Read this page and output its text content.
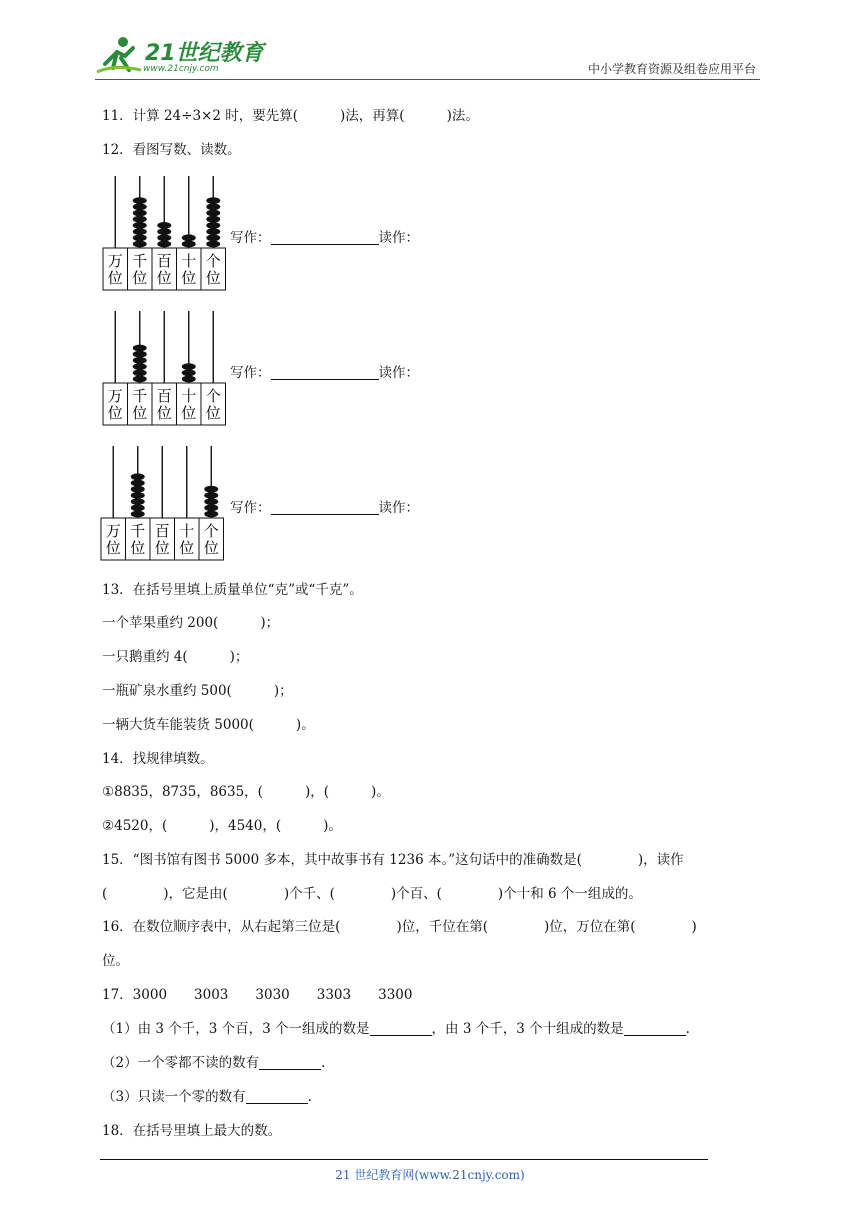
21世纪教育
www.21cnjy.com	中小学教育资源及组卷应用平台
11．计算 24÷3×2 时，要先算(	)法，再算(	)法。
12．看图写数、读数。
万
位
千
位
百
位
十
位
个
位
写作：	读作：
万
位
千
位
百
位
十
位
个
位
写作：	读作：
万
位
千
位
百
位
十
位
个
位
写作：	读作：
13．在括号里填上质量单位“克”或“千克”。
一个苹果重约 200(	)；
一只鹅重约 4(	)；
一瓶矿泉水重约 500(	)；
一辆大货车能装货 5000(	)。
14．找规律填数。
①8835，8735，8635，(	)，(	)。
②4520，(	)，4540，(	)。
15．“图书馆有图书 5000 多本，其中故事书有 1236 本。”这句话中的准确数是(	)，读作
(	)，它是由(	)个千、(	)个百、(	)个十和 6 个一组成的。
16．在数位顺序表中，从右起第三位是(	)位，千位在第(	)位，万位在第(	)
位。
17．3000　　3003　　3030　　3303　　3300
（1）由 3 个千，3 个百，3 个一组成的数是	，由 3 个千，3 个十组成的数是	.
（2）一个零都不读的数有	.
（3）只读一个零的数有	.
18．在括号里填上最大的数。
21 世纪教育网(www.21cnjy.com)
